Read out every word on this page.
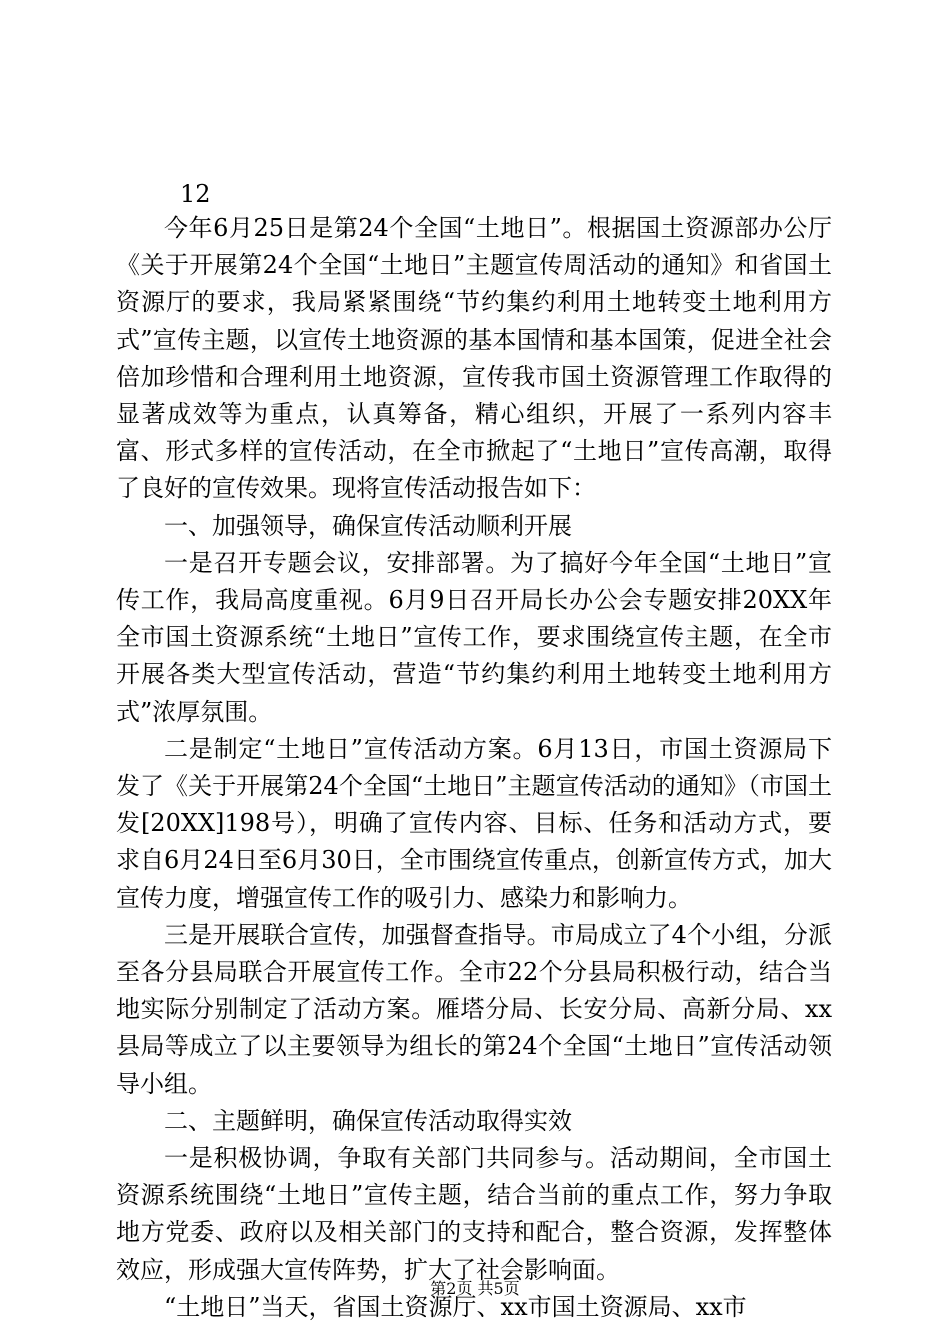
12

今年6月25日是第24个全国“土地日”。根据国土资源部办公厅《关于开展第24个全国“土地日”主题宣传周活动的通知》和省国土资源厅的要求，我局紧紧围绕“节约集约利用土地转变土地利用方式”宣传主题，以宣传土地资源的基本国情和基本国策，促进全社会倍加珍惜和合理利用土地资源，宣传我市国土资源管理工作取得的显著成效等为重点，认真筹备，精心组织，开展了一系列内容丰富、形式多样的宣传活动，在全市掀起了“土地日”宣传高潮，取得了良好的宣传效果。现将宣传活动报告如下：

一、加强领导，确保宣传活动顺利开展

一是召开专题会议，安排部署。为了搞好今年全国“土地日”宣传工作，我局高度重视。6月9日召开局长办公会专题安排20XX年全市国土资源系统“土地日”宣传工作，要求围绕宣传主题，在全市开展各类大型宣传活动，营造“节约集约利用土地转变土地利用方式”浓厚氛围。

二是制定“土地日”宣传活动方案。6月13日，市国土资源局下发了《关于开展第24个全国“土地日”主题宣传活动的通知》（市国土发[20XX]198号），明确了宣传内容、目标、任务和活动方式，要求自6月24日至6月30日，全市围绕宣传重点，创新宣传方式，加大宣传力度，增强宣传工作的吸引力、感染力和影响力。

三是开展联合宣传，加强督查指导。市局成立了4个小组，分派至各分县局联合开展宣传工作。全市22个分县局积极行动，结合当地实际分别制定了活动方案。雁塔分局、长安分局、高新分局、xx县局等成立了以主要领导为组长的第24个全国“土地日”宣传活动领导小组。

二、主题鲜明，确保宣传活动取得实效

一是积极协调，争取有关部门共同参与。活动期间，全市国土资源系统围绕“土地日”宣传主题，结合当前的重点工作，努力争取地方党委、政府以及相关部门的支持和配合，整合资源，发挥整体效应，形成强大宣传阵势，扩大了社会影响面。

“土地日”当天，省国土资源厅、xx市国土资源局、xx市

第2页 共5页
